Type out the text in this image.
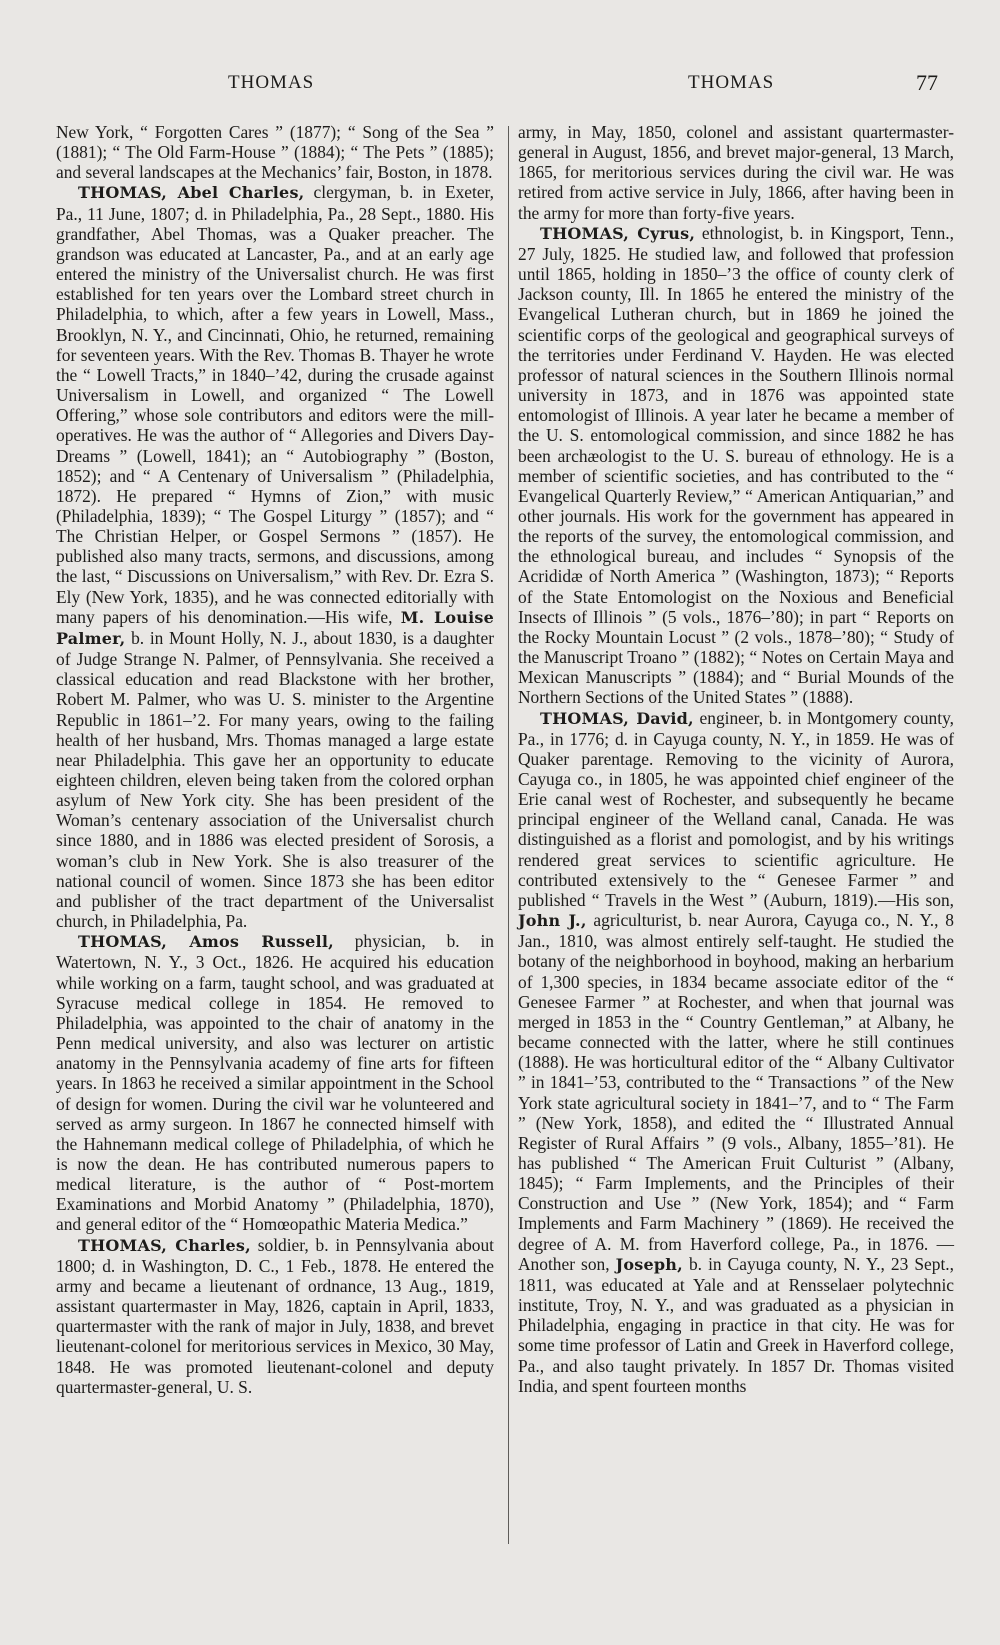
THOMAS	THOMAS	77

New York, “ Forgotten Cares ” (1877); “ Song of the Sea ” (1881); “ The Old Farm-House ” (1884); “ The Pets ” (1885); and several landscapes at the Mechanics’ fair, Boston, in 1878.

THOMAS, Abel Charles, clergyman, b. in Exeter, Pa., 11 June, 1807; d. in Philadelphia, Pa., 28 Sept., 1880. His grandfather, Abel Thomas, was a Quaker preacher. The grandson was educated at Lancaster, Pa., and at an early age entered the ministry of the Universalist church. He was first established for ten years over the Lombard street church in Philadelphia, to which, after a few years in Lowell, Mass., Brooklyn, N. Y., and Cincinnati, Ohio, he returned, remaining for seventeen years. With the Rev. Thomas B. Thayer he wrote the “ Lowell Tracts,” in 1840–’42, during the crusade against Universalism in Lowell, and organized “ The Lowell Offering,” whose sole contributors and editors were the mill-operatives. He was the author of “ Allegories and Divers Day-Dreams ” (Lowell, 1841); an “ Autobiography ” (Boston, 1852); and “ A Centenary of Universalism ” (Philadelphia, 1872). He prepared “ Hymns of Zion,” with music (Philadelphia, 1839); “ The Gospel Liturgy ” (1857); and “ The Christian Helper, or Gospel Sermons ” (1857). He published also many tracts, sermons, and discussions, among the last, “ Discussions on Universalism,” with Rev. Dr. Ezra S. Ely (New York, 1835), and he was connected editorially with many papers of his denomination.—His wife, M. Louise Palmer, b. in Mount Holly, N. J., about 1830, is a daughter of Judge Strange N. Palmer, of Pennsylvania. She received a classical education and read Blackstone with her brother, Robert M. Palmer, who was U. S. minister to the Argentine Republic in 1861–’2. For many years, owing to the failing health of her husband, Mrs. Thomas managed a large estate near Philadelphia. This gave her an opportunity to educate eighteen children, eleven being taken from the colored orphan asylum of New York city. She has been president of the Woman’s centenary association of the Universalist church since 1880, and in 1886 was elected president of Sorosis, a woman’s club in New York. She is also treasurer of the national council of women. Since 1873 she has been editor and publisher of the tract department of the Universalist church, in Philadelphia, Pa.

THOMAS, Amos Russell, physician, b. in Watertown, N. Y., 3 Oct., 1826. He acquired his education while working on a farm, taught school, and was graduated at Syracuse medical college in 1854. He removed to Philadelphia, was appointed to the chair of anatomy in the Penn medical university, and also was lecturer on artistic anatomy in the Pennsylvania academy of fine arts for fifteen years. In 1863 he received a similar appointment in the School of design for women. During the civil war he volunteered and served as army surgeon. In 1867 he connected himself with the Hahnemann medical college of Philadelphia, of which he is now the dean. He has contributed numerous papers to medical literature, is the author of “ Post-mortem Examinations and Morbid Anatomy ” (Philadelphia, 1870), and general editor of the “ Homœopathic Materia Medica.”

THOMAS, Charles, soldier, b. in Pennsylvania about 1800; d. in Washington, D. C., 1 Feb., 1878. He entered the army and became a lieutenant of ordnance, 13 Aug., 1819, assistant quartermaster in May, 1826, captain in April, 1833, quartermaster with the rank of major in July, 1838, and brevet lieutenant-colonel for meritorious services in Mexico, 30 May, 1848. He was promoted lieutenant-colonel and deputy quartermaster-general, U. S.

army, in May, 1850, colonel and assistant quartermaster-general in August, 1856, and brevet major-general, 13 March, 1865, for meritorious services during the civil war. He was retired from active service in July, 1866, after having been in the army for more than forty-five years.

THOMAS, Cyrus, ethnologist, b. in Kingsport, Tenn., 27 July, 1825. He studied law, and followed that profession until 1865, holding in 1850–’3 the office of county clerk of Jackson county, Ill. In 1865 he entered the ministry of the Evangelical Lutheran church, but in 1869 he joined the scientific corps of the geological and geographical surveys of the territories under Ferdinand V. Hayden. He was elected professor of natural sciences in the Southern Illinois normal university in 1873, and in 1876 was appointed state entomologist of Illinois. A year later he became a member of the U. S. entomological commission, and since 1882 he has been archæologist to the U. S. bureau of ethnology. He is a member of scientific societies, and has contributed to the “ Evangelical Quarterly Review,” “ American Antiquarian,” and other journals. His work for the government has appeared in the reports of the survey, the entomological commission, and the ethnological bureau, and includes “ Synopsis of the Acrididæ of North America ” (Washington, 1873); “ Reports of the State Entomologist on the Noxious and Beneficial Insects of Illinois ” (5 vols., 1876–’80); in part “ Reports on the Rocky Mountain Locust ” (2 vols., 1878–’80); “ Study of the Manuscript Troano ” (1882); “ Notes on Certain Maya and Mexican Manuscripts ” (1884); and “ Burial Mounds of the Northern Sections of the United States ” (1888).

THOMAS, David, engineer, b. in Montgomery county, Pa., in 1776; d. in Cayuga county, N. Y., in 1859. He was of Quaker parentage. Removing to the vicinity of Aurora, Cayuga co., in 1805, he was appointed chief engineer of the Erie canal west of Rochester, and subsequently he became principal engineer of the Welland canal, Canada. He was distinguished as a florist and pomologist, and by his writings rendered great services to scientific agriculture. He contributed extensively to the “ Genesee Farmer ” and published “ Travels in the West ” (Auburn, 1819).—His son, John J., agriculturist, b. near Aurora, Cayuga co., N. Y., 8 Jan., 1810, was almost entirely self-taught. He studied the botany of the neighborhood in boyhood, making an herbarium of 1,300 species, in 1834 became associate editor of the “ Genesee Farmer ” at Rochester, and when that journal was merged in 1853 in the “ Country Gentleman,” at Albany, he became connected with the latter, where he still continues (1888). He was horticultural editor of the “ Albany Cultivator ” in 1841–’53, contributed to the “ Transactions ” of the New York state agricultural society in 1841–’7, and to “ The Farm ” (New York, 1858), and edited the “ Illustrated Annual Register of Rural Affairs ” (9 vols., Albany, 1855–’81). He has published “ The American Fruit Culturist ” (Albany, 1845); “ Farm Implements, and the Principles of their Construction and Use ” (New York, 1854); and “ Farm Implements and Farm Machinery ” (1869). He received the degree of A. M. from Haverford college, Pa., in 1876. —Another son, Joseph, b. in Cayuga county, N. Y., 23 Sept., 1811, was educated at Yale and at Rensselaer polytechnic institute, Troy, N. Y., and was graduated as a physician in Philadelphia, engaging in practice in that city. He was for some time professor of Latin and Greek in Haverford college, Pa., and also taught privately. In 1857 Dr. Thomas visited India, and spent fourteen months
